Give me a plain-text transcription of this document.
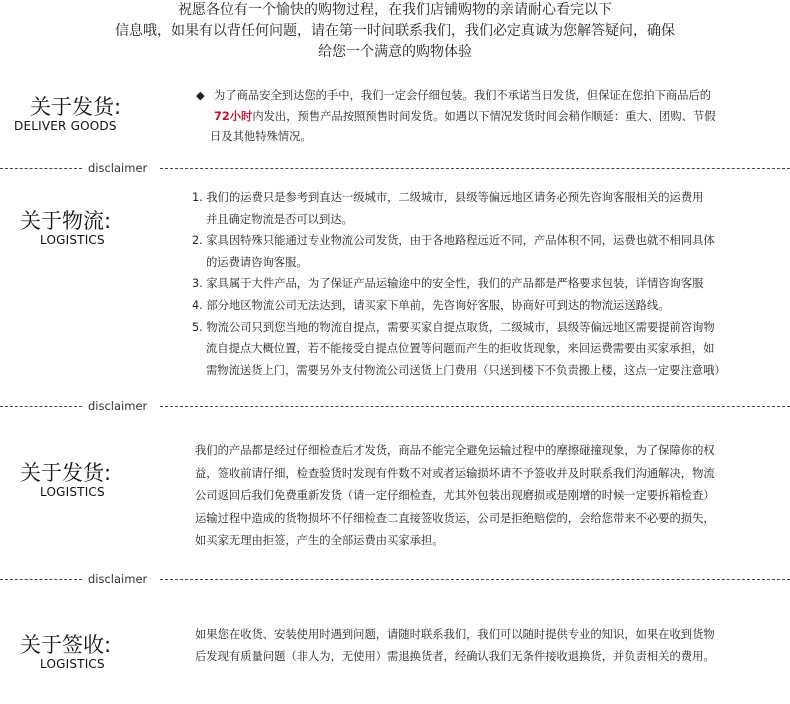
祝愿各位有一个愉快的购物过程，在我们店铺购物的亲请耐心看完以下
信息哦，如果有以背任何问题，请在第一时间联系我们，我们必定真诚为您解答疑问，确保
给您一个满意的购物体验
关于发货:
DELIVER GOODS
◆ 为了商品安全到达您的手中，我们一定会仔细包装。我们不承诺当日发货，但保证在您拍下商品后的
72小时内发出，预售产品按照预售时间发货。如遇以下情况发货时间会稍作顺延：重大、团购、节假
日及其他特殊情况。
disclaimer
关于物流:
LOGISTICS
1. 我们的运费只是参考到直达一级城市，二级城市，县级等偏远地区请务必预先咨询客服相关的运费用
并且确定物流是否可以到达。
2. 家具因特殊只能通过专业物流公司发货，由于各地路程远近不同，产品体积不同，运费也就不相同具体
的运费请咨询客服。
3. 家具属于大件产品，为了保证产品运输途中的安全性，我们的产品都是严格要求包装，详情咨询客服
4. 部分地区物流公司无法达到，请买家下单前，先咨询好客服，协商好可到达的物流运送路线。
5. 物流公司只到您当地的物流自提点，需要买家自提点取货，二级城市，县级等偏远地区需要提前咨询物
流自提点大概位置，若不能接受自提点位置等问题而产生的拒收货现象，来回运费需要由买家承担，如
需物流送货上门，需要另外支付物流公司送货上门费用（只送到楼下不负责搬上楼，这点一定要注意哦）
disclaimer
关于发货:
LOGISTICS
我们的产品都是经过仔细检查后才发货，商品不能完全避免运输过程中的摩擦碰撞现象，为了保障你的权
益，签收前请仔细，检查验货时发现有件数不对或者运输损坏请不予签收并及时联系我们沟通解决，物流
公司返回后我们免费重新发货（请一定仔细检查，尤其外包装出现磨损或是刚增的时候一定要拆箱检查）
运输过程中造成的货物损坏不仔细检查二直接签收货运，公司是拒绝赔偿的，会给您带来不必要的损失，
如买家无理由拒签，产生的全部运费由买家承担。
disclaimer
关于签收:
LOGISTICS
如果您在收货、安装使用时遇到问题，请随时联系我们，我们可以随时提供专业的知识，如果在收到货物
后发现有质量问题（非人为，无使用）需退换货者，经确认我们无条件接收退换货，并负责相关的费用。
